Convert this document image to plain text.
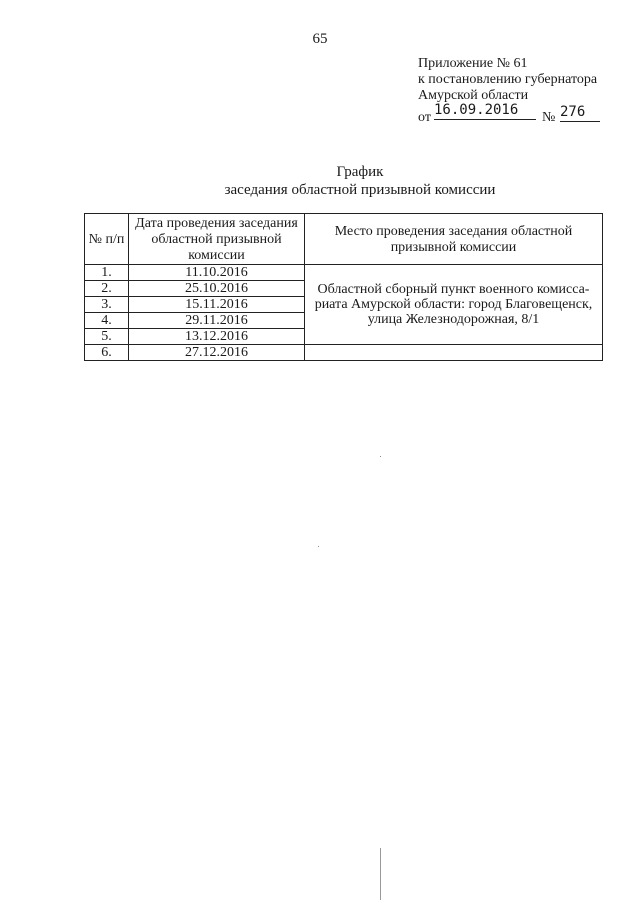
65
Приложение № 61
к постановлению губернатора
Амурской области
от 16.09.2016	№ 276
График
заседания областной призывной комиссии
№ п/п	Дата проведения заседания областной призывной комиссии	Место проведения заседания областной призывной комиссии
1.	11.10.2016	Областной сборный пункт военного комисса-риата Амурской области: город Благовещенск, улица Железнодорожная, 8/1
2.	25.10.2016	
3.	15.11.2016	
4.	29.11.2016	
5.	13.12.2016	
6.	27.12.2016	
